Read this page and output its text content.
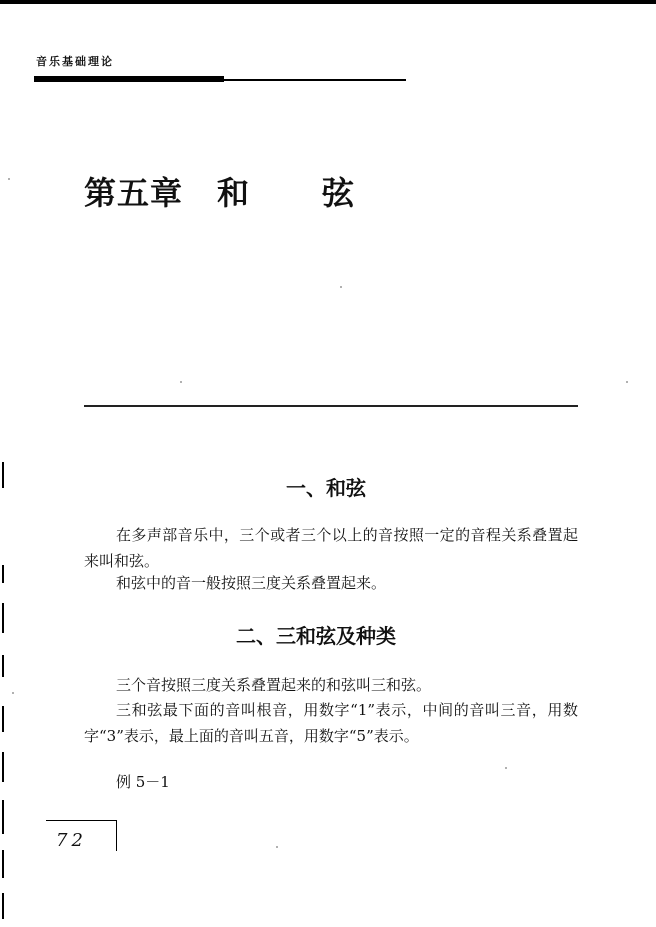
音乐基础理论
第五章 和 弦
一、和弦
在多声部音乐中，三个或者三个以上的音按照一定的音程关系叠置起来叫和弦。
和弦中的音一般按照三度关系叠置起来。
二、三和弦及种类
三个音按照三度关系叠置起来的和弦叫三和弦。
三和弦最下面的音叫根音，用数字“1”表示，中间的音叫三音，用数字“3”表示，最上面的音叫五音，用数字“5”表示。
例 5－1
72
